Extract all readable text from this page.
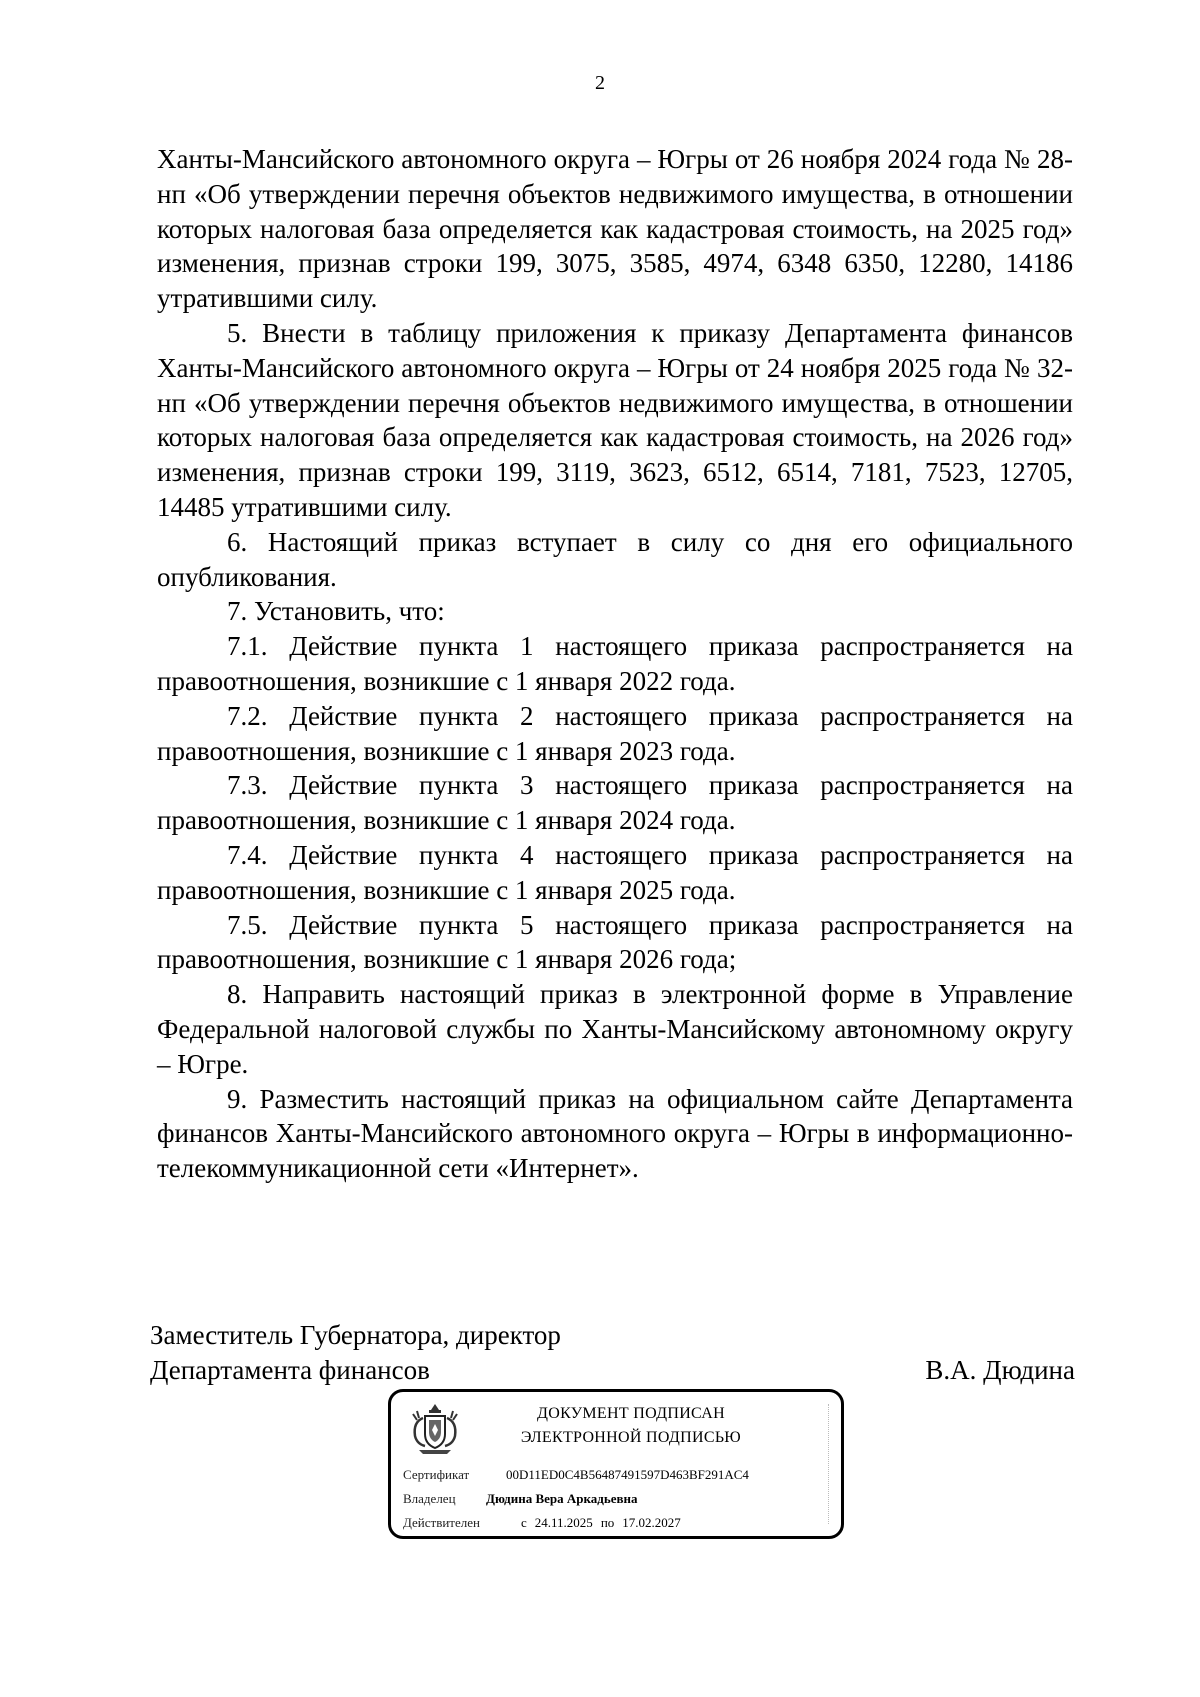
2

Ханты-Мансийского автономного округа – Югры от 26 ноября 2024 года № 28-нп «Об утверждении перечня объектов недвижимого имущества, в отношении которых налоговая база определяется как кадастровая стоимость, на 2025 год» изменения, признав строки 199, 3075, 3585, 4974, 6348 6350, 12280, 14186 утратившими силу.

5. Внести в таблицу приложения к приказу Департамента финансов Ханты-Мансийского автономного округа – Югры от 24 ноября 2025 года № 32-нп «Об утверждении перечня объектов недвижимого имущества, в отношении которых налоговая база определяется как кадастровая стоимость, на 2026 год» изменения, признав строки 199, 3119, 3623, 6512, 6514, 7181, 7523, 12705, 14485 утратившими силу.

6. Настоящий приказ вступает в силу со дня его официального опубликования.

7. Установить, что:

7.1. Действие пункта 1 настоящего приказа распространяется на правоотношения, возникшие с 1 января 2022 года.

7.2. Действие пункта 2 настоящего приказа распространяется на правоотношения, возникшие с 1 января 2023 года.

7.3. Действие пункта 3 настоящего приказа распространяется на правоотношения, возникшие с 1 января 2024 года.

7.4. Действие пункта 4 настоящего приказа распространяется на правоотношения, возникшие с 1 января 2025 года.

7.5. Действие пункта 5 настоящего приказа распространяется на правоотношения, возникшие с 1 января 2026 года;

8. Направить настоящий приказ в электронной форме в Управление Федеральной налоговой службы по Ханты-Мансийскому автономному округу – Югре.

9. Разместить настоящий приказ на официальном сайте Департамента финансов Ханты-Мансийского автономного округа – Югры в информационно-телекоммуникационной сети «Интернет».

Заместитель Губернатора, директор
Департамента финансов	В.А. Дюдина
ДОКУМЕНТ ПОДПИСАН
ЭЛЕКТРОННОЙ ПОДПИСЬЮ
Сертификат	00D11ED0C4B56487491597D463BF291AC4
Владелец Дюдина Вера Аркадьевна
Действителен	с 24.11.2025 по 17.02.2027
